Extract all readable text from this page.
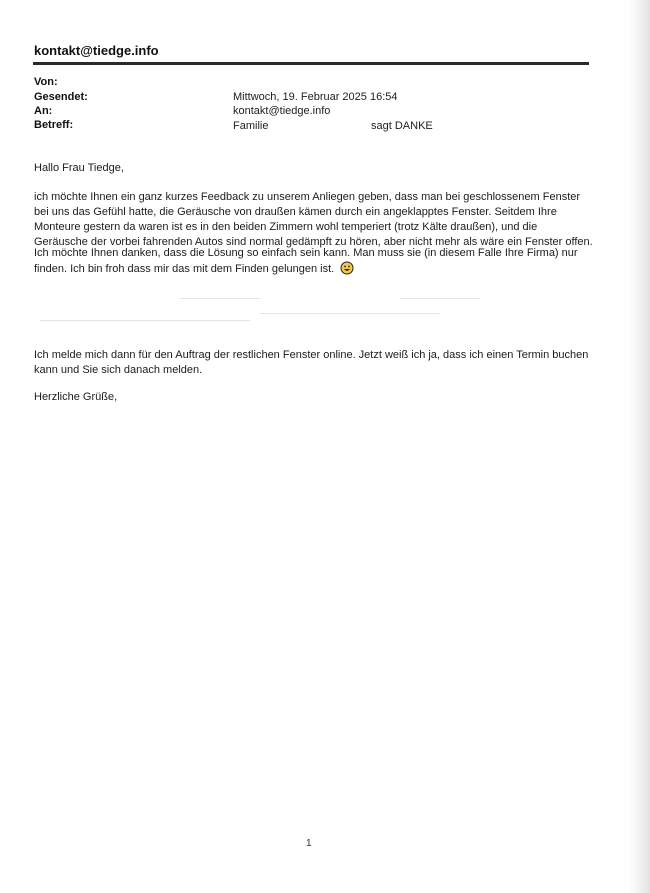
kontakt@tiedge.info
Von:
Gesendet:	Mittwoch, 19. Februar 2025 16:54
An:	kontakt@tiedge.info
Betreff:	Familie	sagt DANKE
Hallo Frau Tiedge,
ich möchte Ihnen ein ganz kurzes Feedback zu unserem Anliegen geben, dass man bei geschlossenem Fenster bei uns das Gefühl hatte, die Geräusche von draußen kämen durch ein angeklapptes Fenster. Seitdem Ihre Monteure gestern da waren ist es in den beiden Zimmern wohl temperiert (trotz Kälte draußen), und die Geräusche der vorbei fahrenden Autos sind normal gedämpft zu hören, aber nicht mehr als wäre ein Fenster offen.
Ich möchte Ihnen danken, dass die Lösung so einfach sein kann. Man muss sie (in diesem Falle Ihre Firma) nur finden. Ich bin froh dass mir das mit dem Finden gelungen ist.
Ich melde mich dann für den Auftrag der restlichen Fenster online. Jetzt weiß ich ja, dass ich einen Termin buchen kann und Sie sich danach melden.
Herzliche Grüße,
1
